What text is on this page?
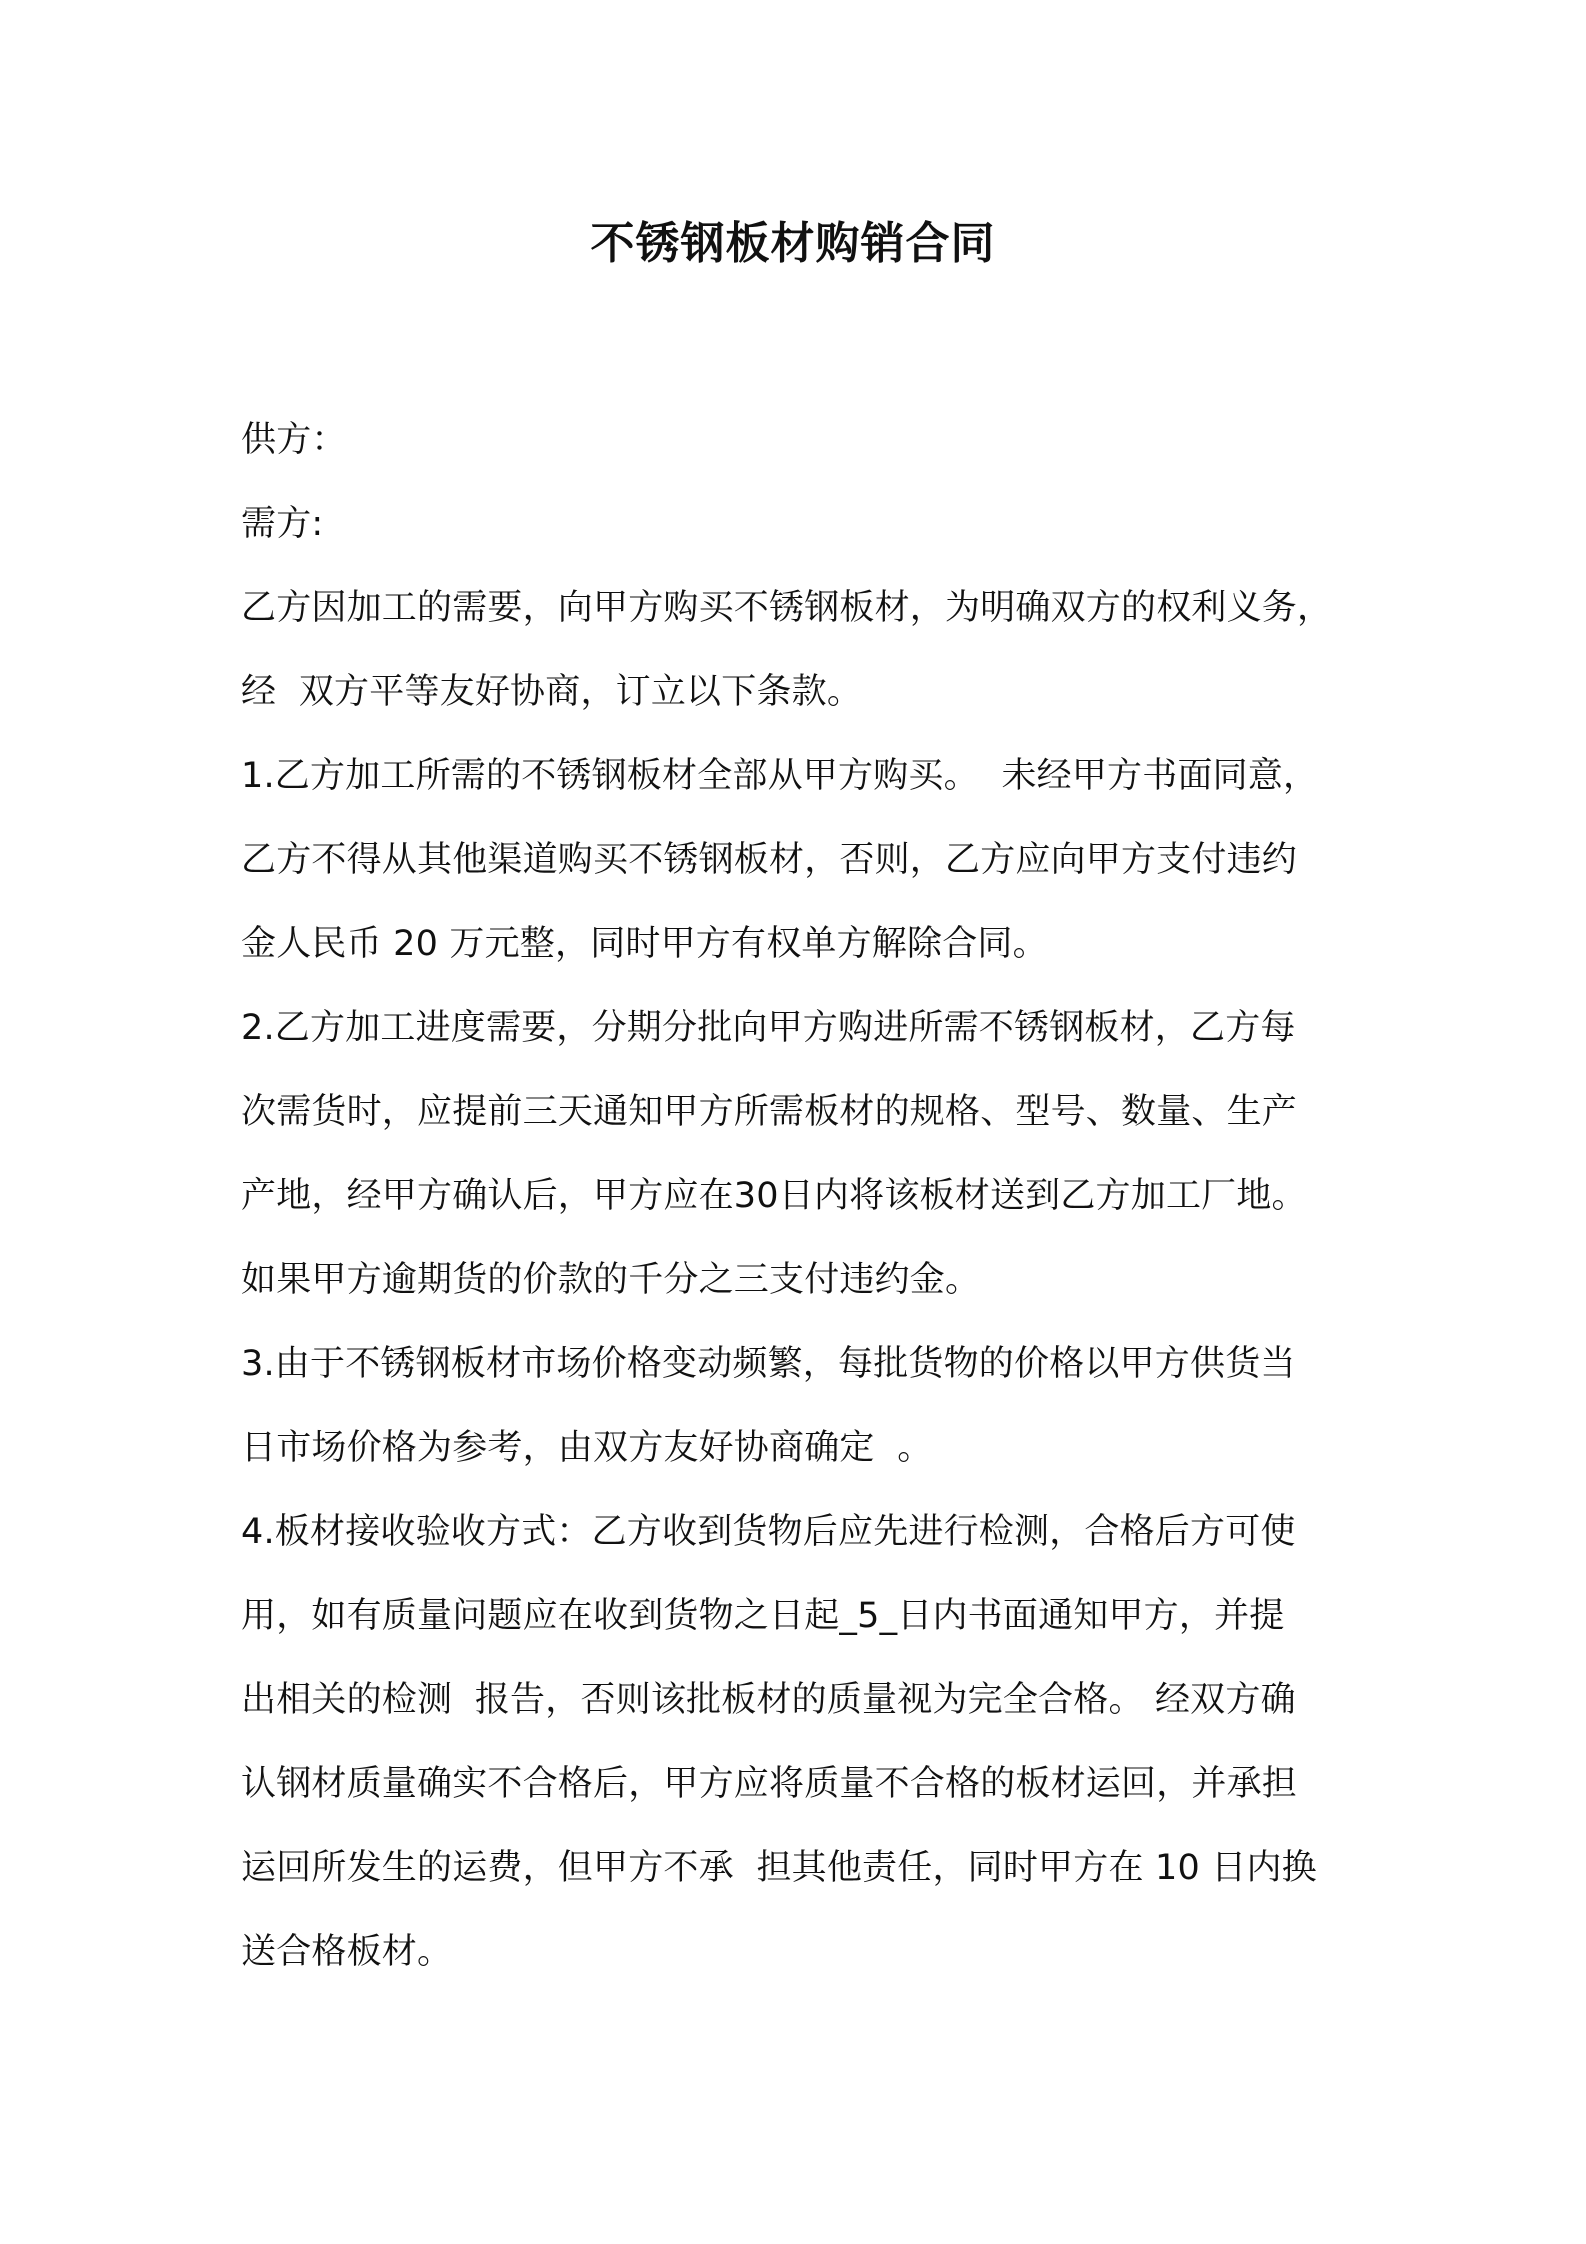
不锈钢板材购销合同
供方：
需方:
乙方因加工的需要，向甲方购买不锈钢板材，为明确双方的权利义务，
经  双方平等友好协商，订立以下条款。
1.乙方加工所需的不锈钢板材全部从甲方购买。  未经甲方书面同意，
乙方不得从其他渠道购买不锈钢板材，否则，乙方应向甲方支付违约
金人民币 20 万元整，同时甲方有权单方解除合同。
2.乙方加工进度需要，分期分批向甲方购进所需不锈钢板材，乙方每
次需货时，应提前三天通知甲方所需板材的规格、型号、数量、生产
产地，经甲方确认后，甲方应在30日内将该板材送到乙方加工厂地。
如果甲方逾期货的价款的千分之三支付违约金。
3.由于不锈钢板材市场价格变动频繁，每批货物的价格以甲方供货当
日市场价格为参考，由双方友好协商确定  。
4.板材接收验收方式：乙方收到货物后应先进行检测，合格后方可使
用，如有质量问题应在收到货物之日起_5_日内书面通知甲方，并提
出相关的检测  报告，否则该批板材的质量视为完全合格。 经双方确
认钢材质量确实不合格后，甲方应将质量不合格的板材运回，并承担
运回所发生的运费，但甲方不承  担其他责任，同时甲方在 10 日内换
送合格板材。
